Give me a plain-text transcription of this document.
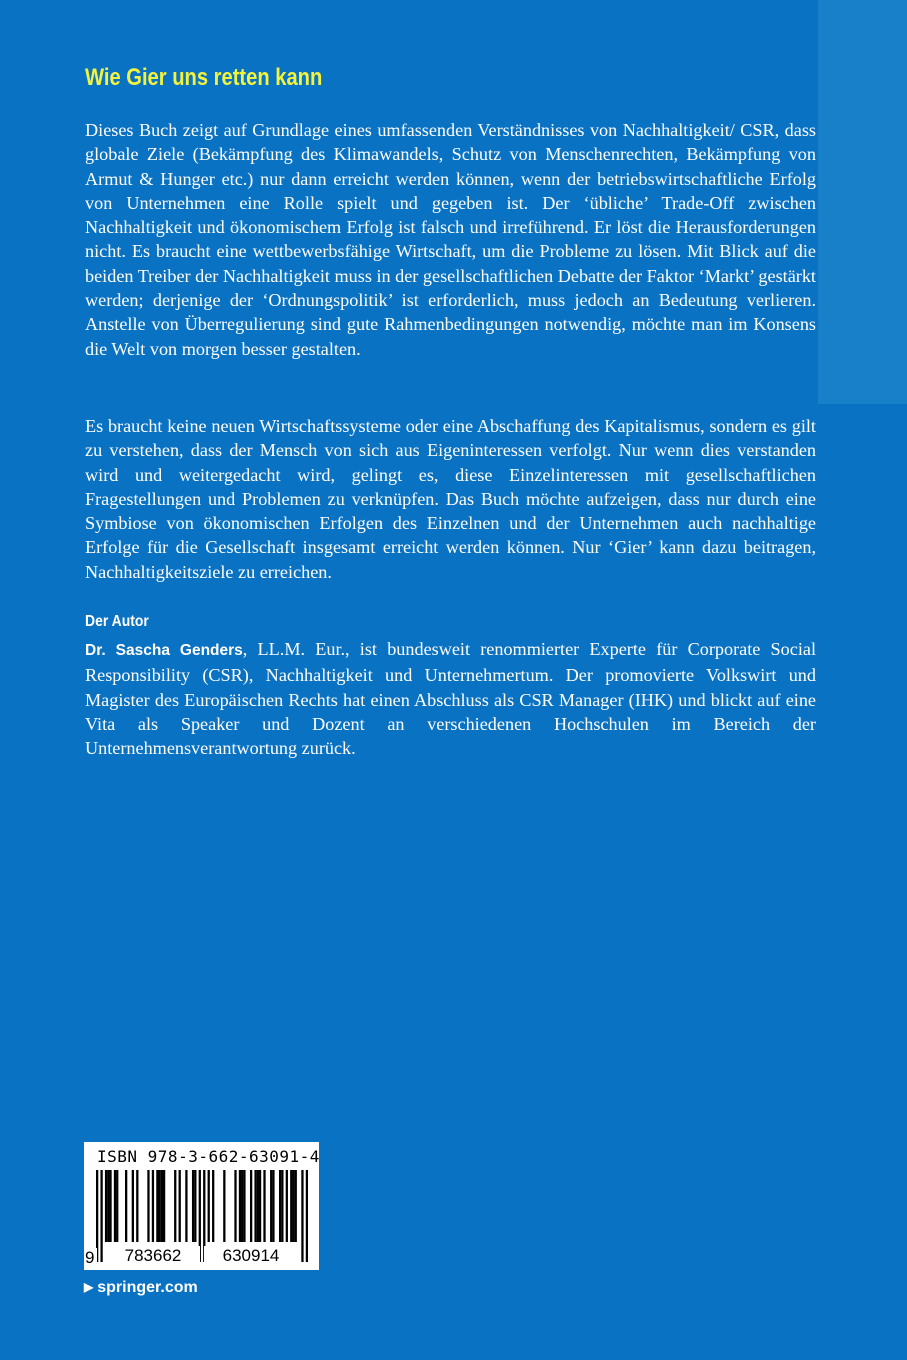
Wie Gier uns retten kann

Dieses Buch zeigt auf Grundlage eines umfassenden Verständnisses von Nachhaltigkeit/ CSR, dass globale Ziele (Bekämpfung des Klimawandels, Schutz von Menschenrechten, Bekämpfung von Armut & Hunger etc.) nur dann erreicht werden können, wenn der betriebswirtschaftliche Erfolg von Unternehmen eine Rolle spielt und gegeben ist. Der ‘übliche’ Trade-Off zwischen Nachhaltigkeit und ökonomischem Erfolg ist falsch und irreführend. Er löst die Herausforderungen nicht. Es braucht eine wettbewerbsfähige Wirtschaft, um die Probleme zu lösen. Mit Blick auf die beiden Treiber der Nachhaltigkeit muss in der gesellschaftlichen Debatte der Faktor ‘Markt’ gestärkt werden; derjenige der ‘Ordnungspolitik’ ist erforderlich, muss jedoch an Bedeutung verlieren. Anstelle von Überregulierung sind gute Rahmenbedingungen notwendig, möchte man im Konsens die Welt von morgen besser gestalten.

Es braucht keine neuen Wirtschaftssysteme oder eine Abschaffung des Kapitalismus, sondern es gilt zu verstehen, dass der Mensch von sich aus Eigeninteressen verfolgt. Nur wenn dies verstanden wird und weitergedacht wird, gelingt es, diese Einzelinteressen mit gesellschaftlichen Fragestellungen und Problemen zu verknüpfen. Das Buch möchte aufzeigen, dass nur durch eine Symbiose von ökonomischen Erfolgen des Einzelnen und der Unternehmen auch nachhaltige Erfolge für die Gesellschaft insgesamt erreicht werden können. Nur ‘Gier’ kann dazu beitragen, Nachhaltigkeitsziele zu erreichen.

Der Autor

Dr. Sascha Genders, LL.M. Eur., ist bundesweit renommierter Experte für Corporate Social Responsibility (CSR), Nachhaltigkeit und Unternehmertum. Der promovierte Volkswirt und Magister des Europäischen Rechts hat einen Abschluss als CSR Manager (IHK) und blickt auf eine Vita als Speaker und Dozent an verschiedenen Hochschulen im Bereich der Unternehmensverantwortung zurück.

ISBN 978-3-662-63091-4
9	783662	630914
▶ springer.com
